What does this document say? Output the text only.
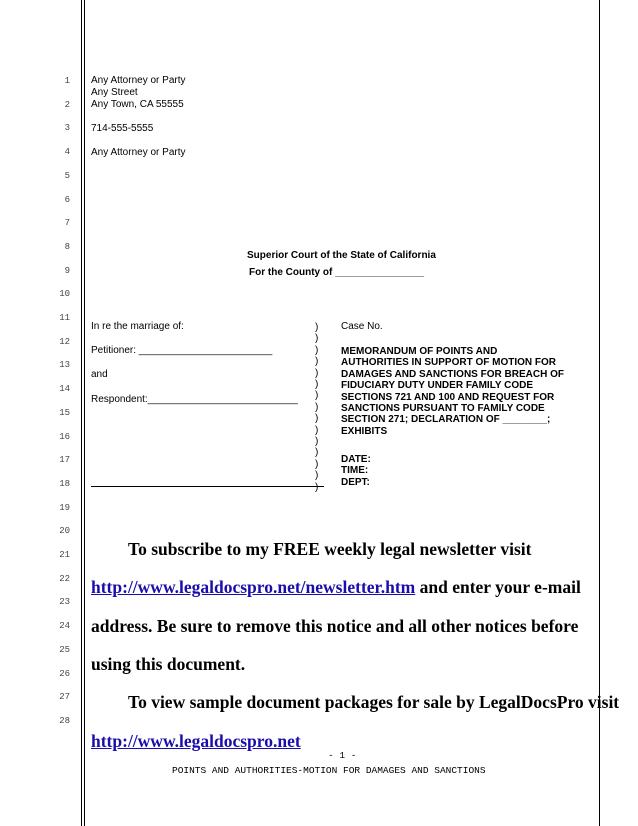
1
2
3
4
5
6
7
8
9
10
11
12
13
14
15
16
17
18
19
20
21
22
23
24
25
26
27
28
Any Attorney or Party
Any Street
Any Town, CA 55555
714-555-5555
Any Attorney or Party
Superior Court of the State of California
For the County of ________________
In re the marriage of:
Petitioner: ________________________
and
Respondent:___________________________
)
)
)
)
)
)
)
)
)
)
)
)
)
)
)
Case No.
MEMORANDUM OF POINTS AND
AUTHORITIES IN SUPPORT OF MOTION FOR
DAMAGES AND SANCTIONS FOR BREACH OF
FIDUCIARY DUTY UNDER FAMILY CODE
SECTIONS 721 AND 100 AND REQUEST FOR
SANCTIONS PURSUANT TO FAMILY CODE
SECTION 271; DECLARATION OF ________;
EXHIBITS
DATE:
TIME:
DEPT:
To subscribe to my FREE weekly legal newsletter visit
http://www.legaldocspro.net/newsletter.htm and enter your e-mail
address. Be sure to remove this notice and all other notices before
using this document.
To view sample document packages for sale by LegalDocsPro visit
http://www.legaldocspro.net
- 1 -
POINTS AND AUTHORITIES-MOTION FOR DAMAGES AND SANCTIONS
